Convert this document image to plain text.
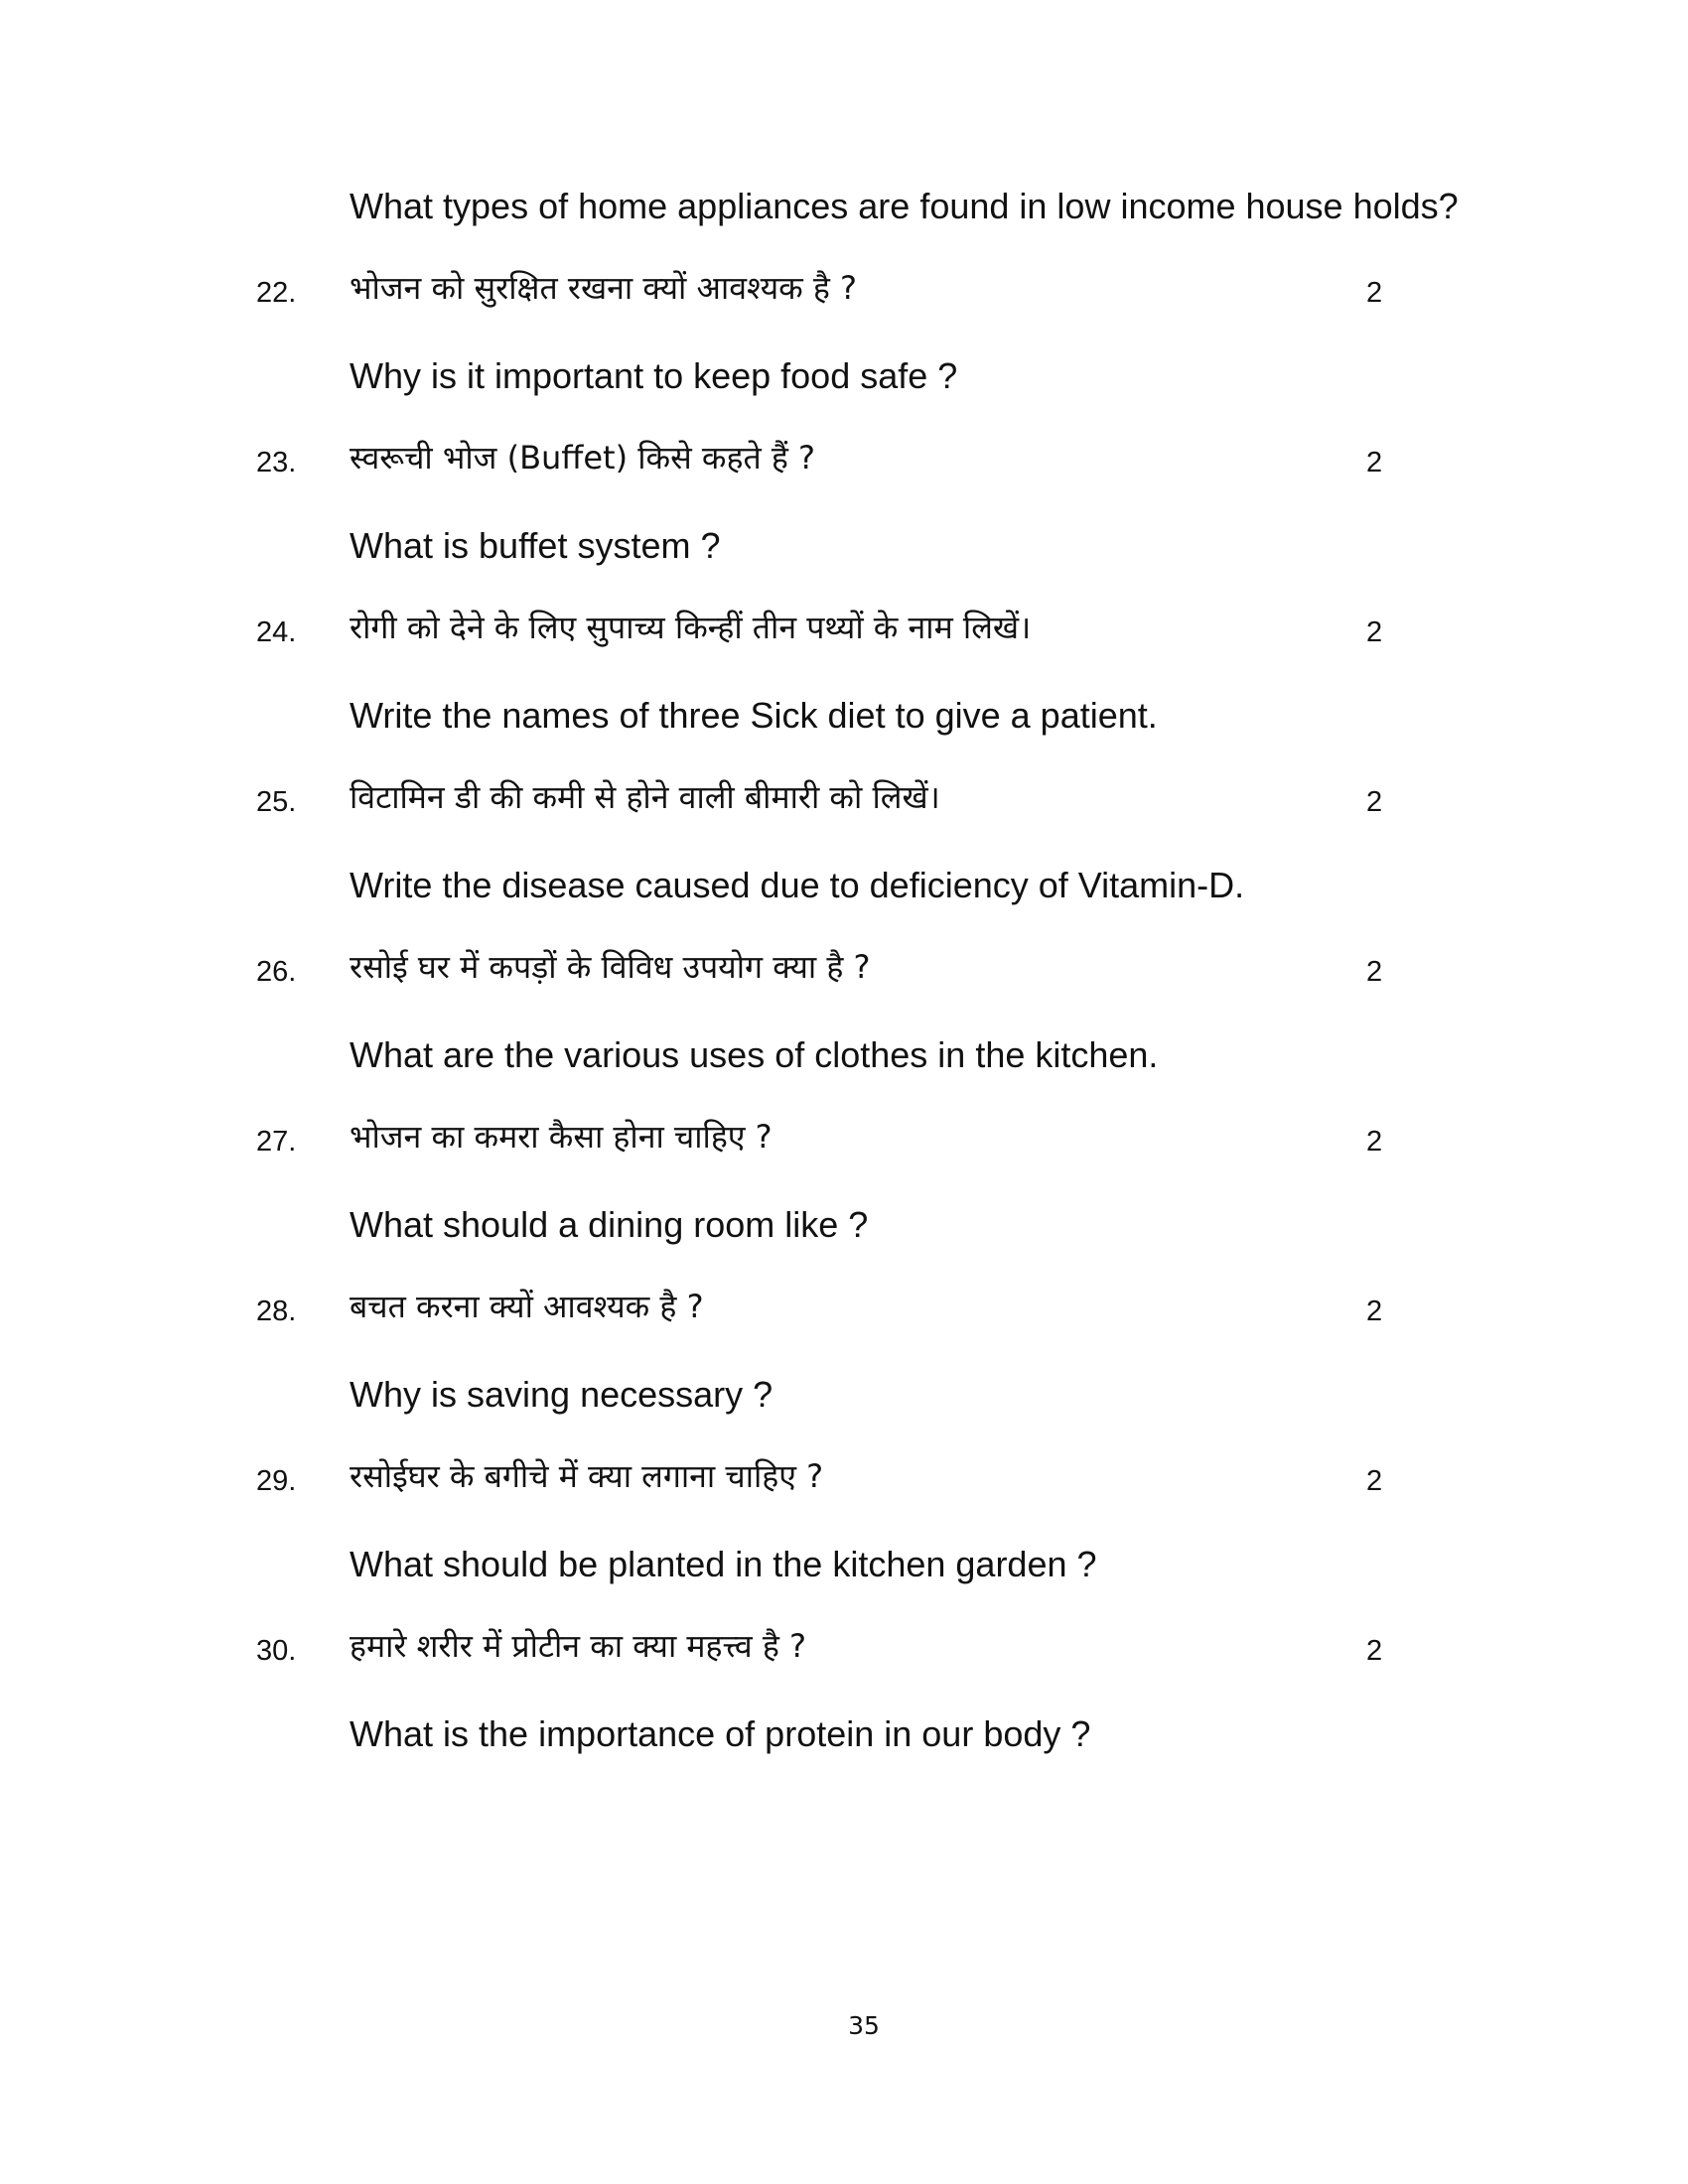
What types of home appliances are found in low income house holds?
22. भोजन को सुरक्षित रखना क्यों आवश्यक है ?	2
Why is it important to keep food safe ?
23. स्वरूची भोज (Buffet) किसे कहते हैं ?	2
What is buffet system ?
24. रोगी को देने के लिए सुपाच्य किन्हीं तीन पथ्यों के नाम लिखें।	2
Write the names of three Sick diet to give a patient.
25. विटामिन डी की कमी से होने वाली बीमारी को लिखें।	2
Write the disease caused due to deficiency of Vitamin-D.
26. रसोई घर में कपड़ों के विविध उपयोग क्या है ?	2
What are the various uses of clothes in the kitchen.
27. भोजन का कमरा कैसा होना चाहिए ?	2
What should a dining room like ?
28. बचत करना क्यों आवश्यक है ?	2
Why is saving necessary ?
29. रसोईघर के बगीचे में क्या लगाना चाहिए ?	2
What should be planted in the kitchen garden ?
30. हमारे शरीर में प्रोटीन का क्या महत्त्व है ?	2
What is the importance of protein in our body ?
35
